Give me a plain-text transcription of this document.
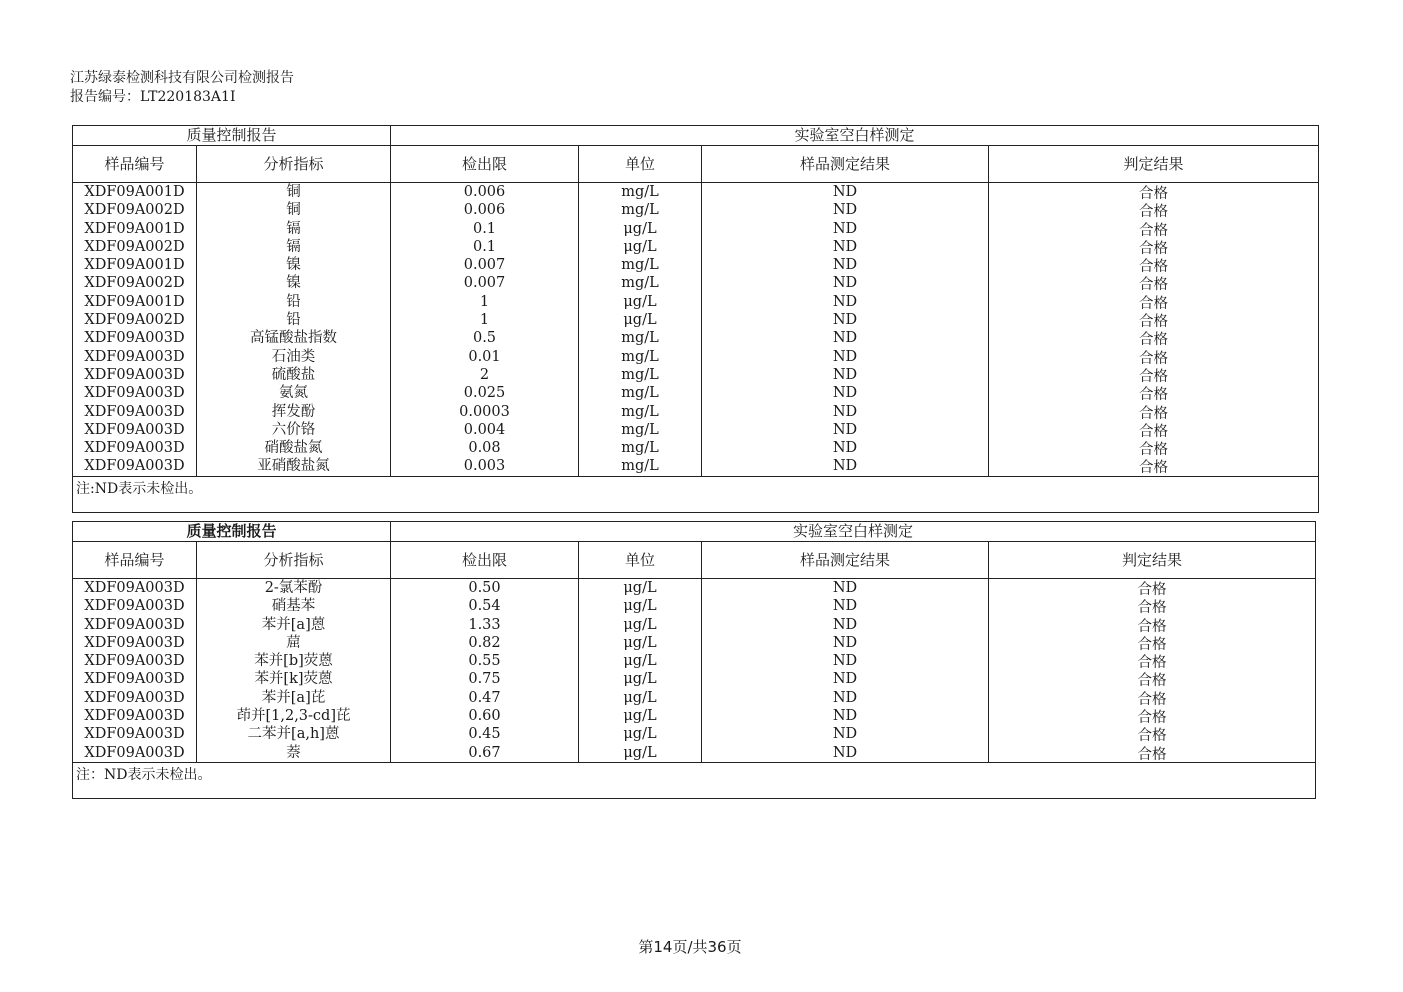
江苏绿泰检测科技有限公司检测报告
报告编号：LT220183A1I
质量控制报告	实验室空白样测定
样品编号	分析指标	检出限	单位	样品测定结果	判定结果
XDF09A001D	铜	0.006	mg/L	ND	合格
XDF09A002D	铜	0.006	mg/L	ND	合格
XDF09A001D	镉	0.1	μg/L	ND	合格
XDF09A002D	镉	0.1	μg/L	ND	合格
XDF09A001D	镍	0.007	mg/L	ND	合格
XDF09A002D	镍	0.007	mg/L	ND	合格
XDF09A001D	铅	1	μg/L	ND	合格
XDF09A002D	铅	1	μg/L	ND	合格
XDF09A003D	高锰酸盐指数	0.5	mg/L	ND	合格
XDF09A003D	石油类	0.01	mg/L	ND	合格
XDF09A003D	硫酸盐	2	mg/L	ND	合格
XDF09A003D	氨氮	0.025	mg/L	ND	合格
XDF09A003D	挥发酚	0.0003	mg/L	ND	合格
XDF09A003D	六价铬	0.004	mg/L	ND	合格
XDF09A003D	硝酸盐氮	0.08	mg/L	ND	合格
XDF09A003D	亚硝酸盐氮	0.003	mg/L	ND	合格
注:ND表示未检出。
质量控制报告	实验室空白样测定
样品编号	分析指标	检出限	单位	样品测定结果	判定结果
XDF09A003D	2-氯苯酚	0.50	μg/L	ND	合格
XDF09A003D	硝基苯	0.54	μg/L	ND	合格
XDF09A003D	苯并[a]蒽	1.33	μg/L	ND	合格
XDF09A003D	䓛	0.82	μg/L	ND	合格
XDF09A003D	苯并[b]荧蒽	0.55	μg/L	ND	合格
XDF09A003D	苯并[k]荧蒽	0.75	μg/L	ND	合格
XDF09A003D	苯并[a]芘	0.47	μg/L	ND	合格
XDF09A003D	茚并[1,2,3-cd]芘	0.60	μg/L	ND	合格
XDF09A003D	二苯并[a,h]蒽	0.45	μg/L	ND	合格
XDF09A003D	萘	0.67	μg/L	ND	合格
注：ND表示未检出。
第14页/共36页
